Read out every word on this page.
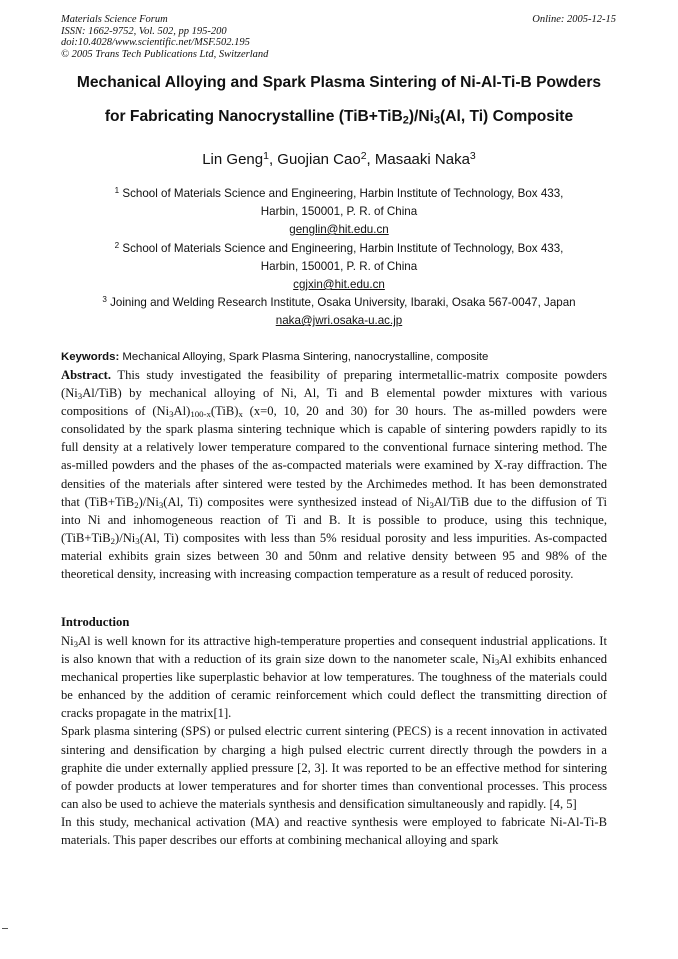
Materials Science Forum
ISSN: 1662-9752, Vol. 502, pp 195-200
doi:10.4028/www.scientific.net/MSF.502.195
© 2005 Trans Tech Publications Ltd, Switzerland
Online: 2005-12-15
Mechanical Alloying and Spark Plasma Sintering of Ni-Al-Ti-B Powders
for Fabricating Nanocrystalline $(TiB+TiB_2)/Ni_3(Al$, Ti) Composite
Lin Geng$^1$, Guojian Cao$^2$, Masaaki Naka$^3$
$^1$ School of Materials Science and Engineering, Harbin Institute of Technology, Box 433,
Harbin, 150001, P. R. of China
genglin@hit.edu.cn
$^2$ School of Materials Science and Engineering, Harbin Institute of Technology, Box 433,
Harbin, 150001, P. R. of China
cgjxin@hit.edu.cn
$^3$ Joining and Welding Research Institute, Osaka University, Ibaraki, Osaka 567-0047, Japan
naka@jwri.osaka-u.ac.jp
Keywords: Mechanical Alloying, Spark Plasma Sintering, nanocrystalline, composite
Abstract. This study investigated the feasibility of preparing intermetallic-matrix composite powders $(Ni_3Al/TiB)$ by mechanical alloying of Ni, Al, Ti and B elemental powder mixtures with various compositions of $(Ni_3Al)_{100-x}(TiB)_x$ (x=0, 10, 20 and 30) for 30 hours. The as-milled powders were consolidated by the spark plasma sintering technique which is capable of sintering powders rapidly to its full density at a relatively lower temperature compared to the conventional furnace sintering method. The as-milled powders and the phases of the as-compacted materials were examined by X-ray diffraction. The densities of the materials after sintered were tested by the Archimedes method. It has been demonstrated that $(TiB+TiB_2)/Ni_3(Al$, Ti) composites were synthesized instead of $Ni_3Al$/TiB due to the diffusion of Ti into Ni and inhomogeneous reaction of Ti and B. It is possible to produce, using this technique, $(TiB+TiB_2)/Ni_3(Al$, Ti) composites with less than 5% residual porosity and less impurities. As-compacted material exhibits grain sizes between 30 and 50nm and relative density between 95 and 98% of the theoretical density, increasing with increasing compaction temperature as a result of reduced porosity.
Introduction

$Ni_3Al$ is well known for its attractive high-temperature properties and consequent industrial applications. It is also known that with a reduction of its grain size down to the nanometer scale, $Ni_3Al$ exhibits enhanced mechanical properties like superplastic behavior at low temperatures. The toughness of the materials could be enhanced by the addition of ceramic reinforcement which could deflect the transmitting direction of cracks propagate in the matrix[1].

Spark plasma sintering (SPS) or pulsed electric current sintering (PECS) is a recent innovation in activated sintering and densification by charging a high pulsed electric current directly through the powders in a graphite die under externally applied pressure [2, 3]. It was reported to be an effective method for sintering of powder products at lower temperatures and for shorter times than conventional processes. This process can also be used to achieve the materials synthesis and densification simultaneously and rapidly. [4, 5]

In this study, mechanical activation (MA) and reactive synthesis were employed to fabricate Ni-Al-Ti-B materials. This paper describes our efforts at combining mechanical alloying and spark
